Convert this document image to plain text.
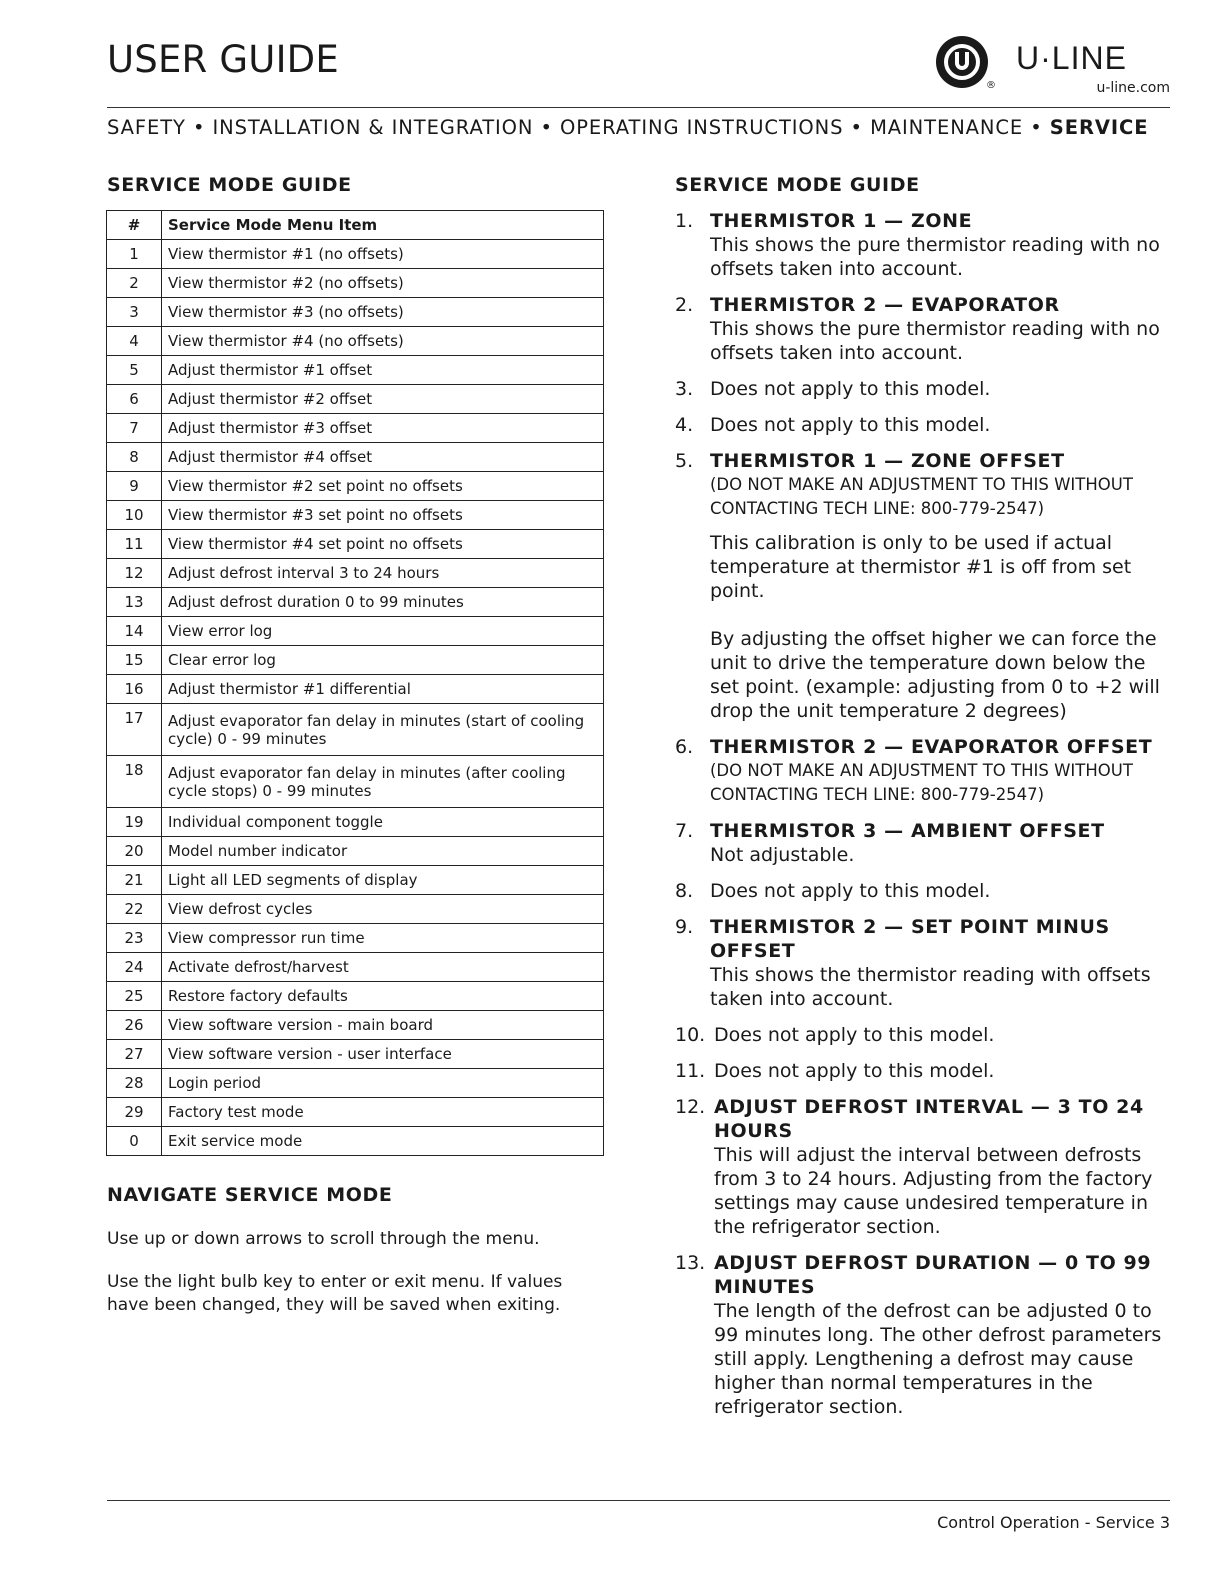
USER GUIDE
®
U·LINE
u-line.com
SAFETY • INSTALLATION & INTEGRATION • OPERATING INSTRUCTIONS • MAINTENANCE • SERVICE
SERVICE MODE GUIDE
#	Service Mode Menu Item
1	View thermistor #1 (no offsets)
2	View thermistor #2 (no offsets)
3	View thermistor #3 (no offsets)
4	View thermistor #4 (no offsets)
5	Adjust thermistor #1 offset
6	Adjust thermistor #2 offset
7	Adjust thermistor #3 offset
8	Adjust thermistor #4 offset
9	View thermistor #2 set point no offsets
10	View thermistor #3 set point no offsets
11	View thermistor #4 set point no offsets
12	Adjust defrost interval 3 to 24 hours
13	Adjust defrost duration 0 to 99 minutes
14	View error log
15	Clear error log
16	Adjust thermistor #1 differential
17	Adjust evaporator fan delay in minutes (start of cooling cycle) 0 - 99 minutes
18	Adjust evaporator fan delay in minutes (after cooling cycle stops) 0 - 99 minutes
19	Individual component toggle
20	Model number indicator
21	Light all LED segments of display
22	View defrost cycles
23	View compressor run time
24	Activate defrost/harvest
25	Restore factory defaults
26	View software version - main board
27	View software version - user interface
28	Login period
29	Factory test mode
0	Exit service mode
NAVIGATE SERVICE MODE
Use up or down arrows to scroll through the menu.
Use the light bulb key to enter or exit menu. If values have been changed, they will be saved when exiting.
SERVICE MODE GUIDE
1. THERMISTOR 1 — ZONE
This shows the pure thermistor reading with no offsets taken into account.
2. THERMISTOR 2 — EVAPORATOR
This shows the pure thermistor reading with no offsets taken into account.
3. Does not apply to this model.
4. Does not apply to this model.
5. THERMISTOR 1 — ZONE OFFSET
(DO NOT MAKE AN ADJUSTMENT TO THIS WITHOUT CONTACTING TECH LINE: 800-779-2547)
This calibration is only to be used if actual temperature at thermistor #1 is off from set point.
By adjusting the offset higher we can force the unit to drive the temperature down below the set point. (example: adjusting from 0 to +2 will drop the unit temperature 2 degrees)
6. THERMISTOR 2 — EVAPORATOR OFFSET
(DO NOT MAKE AN ADJUSTMENT TO THIS WITHOUT CONTACTING TECH LINE: 800-779-2547)
7. THERMISTOR 3 — AMBIENT OFFSET
Not adjustable.
8. Does not apply to this model.
9. THERMISTOR 2 — SET POINT MINUS OFFSET
This shows the thermistor reading with offsets taken into account.
10. Does not apply to this model.
11. Does not apply to this model.
12. ADJUST DEFROST INTERVAL — 3 TO 24 HOURS
This will adjust the interval between defrosts from 3 to 24 hours. Adjusting from the factory settings may cause undesired temperature in the refrigerator section.
13. ADJUST DEFROST DURATION — 0 TO 99 MINUTES
The length of the defrost can be adjusted 0 to 99 minutes long. The other defrost parameters still apply. Lengthening a defrost may cause higher than normal temperatures in the refrigerator section.
Control Operation - Service 3
